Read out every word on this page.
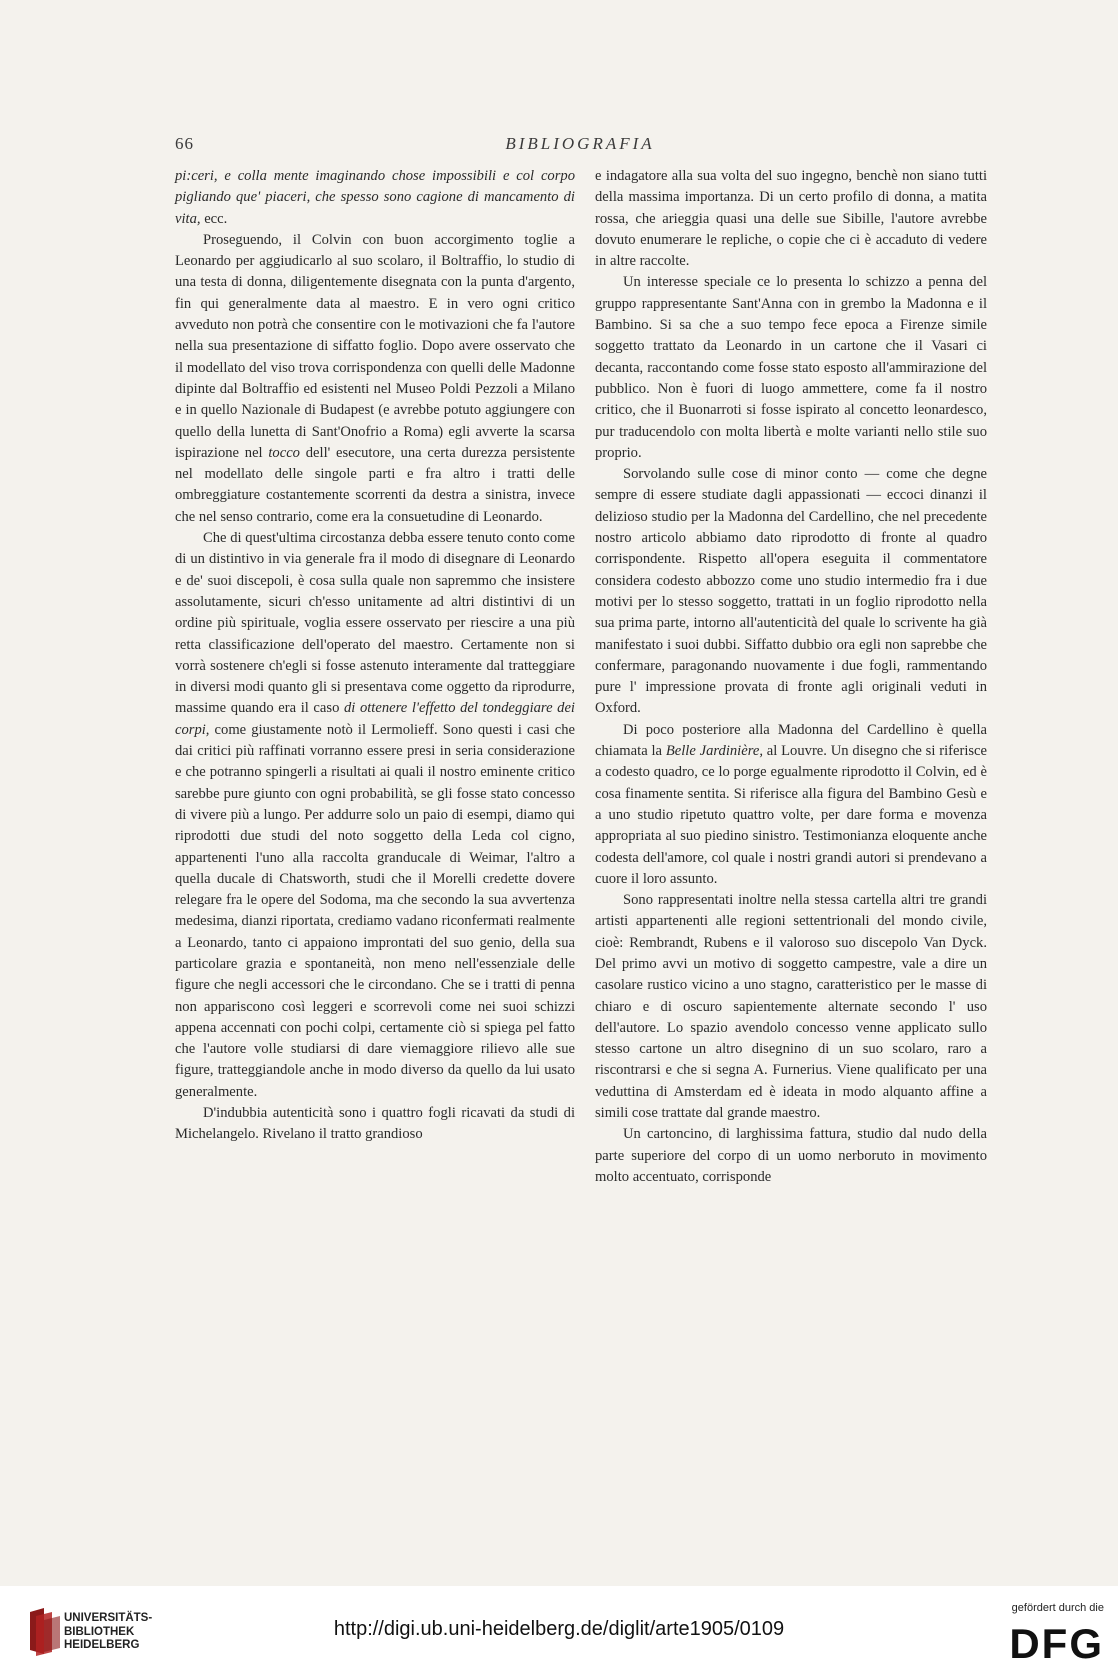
66	BIBLIOGRAFIA

pi:ceri, e colla mente imaginando chose impossibili e col corpo pigliando que' piaceri, che spesso sono cagione di mancamento di vita, ecc.

Proseguendo, il Colvin con buon accorgimento toglie a Leonardo per aggiudicarlo al suo scolaro, il Boltraffio, lo studio di una testa di donna, diligentemente disegnata con la punta d'argento, fin qui generalmente data al maestro. E in vero ogni critico avveduto non potrà che consentire con le motivazioni che fa l'autore nella sua presentazione di siffatto foglio. Dopo avere osservato che il modellato del viso trova corrispondenza con quelli delle Madonne dipinte dal Boltraffio ed esistenti nel Museo Poldi Pezzoli a Milano e in quello Nazionale di Budapest (e avrebbe potuto aggiungere con quello della lunetta di Sant'Onofrio a Roma) egli avverte la scarsa ispirazione nel tocco dell' esecutore, una certa durezza persistente nel modellato delle singole parti e fra altro i tratti delle ombreggiature costantemente scorrenti da destra a sinistra, invece che nel senso contrario, come era la consuetudine di Leonardo.

Che di quest'ultima circostanza debba essere tenuto conto come di un distintivo in via generale fra il modo di disegnare di Leonardo e de' suoi discepoli, è cosa sulla quale non sapremmo che insistere assolutamente, sicuri ch'esso unitamente ad altri distintivi di un ordine più spirituale, voglia essere osservato per riescire a una più retta classificazione dell'operato del maestro. Certamente non si vorrà sostenere ch'egli si fosse astenuto interamente dal tratteggiare in diversi modi quanto gli si presentava come oggetto da riprodurre, massime quando era il caso di ottenere l'effetto del tondeggiare dei corpi, come giustamente notò il Lermolieff. Sono questi i casi che dai critici più raffinati vorranno essere presi in seria considerazione e che potranno spingerli a risultati ai quali il nostro eminente critico sarebbe pure giunto con ogni probabilità, se gli fosse stato concesso di vivere più a lungo. Per addurre solo un paio di esempi, diamo qui riprodotti due studi del noto soggetto della Leda col cigno, appartenenti l'uno alla raccolta granducale di Weimar, l'altro a quella ducale di Chatsworth, studi che il Morelli credette dovere relegare fra le opere del Sodoma, ma che secondo la sua avvertenza medesima, dianzi riportata, crediamo vadano riconfermati realmente a Leonardo, tanto ci appaiono improntati del suo genio, della sua particolare grazia e spontaneità, non meno nell'essenziale delle figure che negli accessori che le circondano. Che se i tratti di penna non appariscono così leggeri e scorrevoli come nei suoi schizzi appena accennati con pochi colpi, certamente ciò si spiega pel fatto che l'autore volle studiarsi di dare viemaggiore rilievo alle sue figure, tratteggiandole anche in modo diverso da quello da lui usato generalmente.

D'indubbia autenticità sono i quattro fogli ricavati da studi di Michelangelo. Rivelano il tratto grandioso

e indagatore alla sua volta del suo ingegno, benchè non siano tutti della massima importanza. Di un certo profilo di donna, a matita rossa, che arieggia quasi una delle sue Sibille, l'autore avrebbe dovuto enumerare le repliche, o copie che ci è accaduto di vedere in altre raccolte.

Un interesse speciale ce lo presenta lo schizzo a penna del gruppo rappresentante Sant'Anna con in grembo la Madonna e il Bambino. Si sa che a suo tempo fece epoca a Firenze simile soggetto trattato da Leonardo in un cartone che il Vasari ci decanta, raccontando come fosse stato esposto all'ammirazione del pubblico. Non è fuori di luogo ammettere, come fa il nostro critico, che il Buonarroti si fosse ispirato al concetto leonardesco, pur traducendolo con molta libertà e molte varianti nello stile suo proprio.

Sorvolando sulle cose di minor conto — come che degne sempre di essere studiate dagli appassionati — eccoci dinanzi il delizioso studio per la Madonna del Cardellino, che nel precedente nostro articolo abbiamo dato riprodotto di fronte al quadro corrispondente. Rispetto all'opera eseguita il commentatore considera codesto abbozzo come uno studio intermedio fra i due motivi per lo stesso soggetto, trattati in un foglio riprodotto nella sua prima parte, intorno all'autenticità del quale lo scrivente ha già manifestato i suoi dubbi. Siffatto dubbio ora egli non saprebbe che confermare, paragonando nuovamente i due fogli, rammentando pure l' impressione provata di fronte agli originali veduti in Oxford.

Di poco posteriore alla Madonna del Cardellino è quella chiamata la Belle Jardinière, al Louvre. Un disegno che si riferisce a codesto quadro, ce lo porge egualmente riprodotto il Colvin, ed è cosa finamente sentita. Si riferisce alla figura del Bambino Gesù e a uno studio ripetuto quattro volte, per dare forma e movenza appropriata al suo piedino sinistro. Testimonianza eloquente anche codesta dell'amore, col quale i nostri grandi autori si prendevano a cuore il loro assunto.

Sono rappresentati inoltre nella stessa cartella altri tre grandi artisti appartenenti alle regioni settentrionali del mondo civile, cioè: Rembrandt, Rubens e il valoroso suo discepolo Van Dyck. Del primo avvi un motivo di soggetto campestre, vale a dire un casolare rustico vicino a uno stagno, caratteristico per le masse di chiaro e di oscuro sapientemente alternate secondo l' uso dell'autore. Lo spazio avendolo concesso venne applicato sullo stesso cartone un altro disegnino di un suo scolaro, raro a riscontrarsi e che si segna A. Furnerius. Viene qualificato per una veduttina di Amsterdam ed è ideata in modo alquanto affine a simili cose trattate dal grande maestro.

Un cartoncino, di larghissima fattura, studio dal nudo della parte superiore del corpo di un uomo nerboruto in movimento molto accentuato, corrisponde

UNIVERSITÄTS-
BIBLIOTHEK
HEIDELBERG
http://digi.ub.uni-heidelberg.de/diglit/arte1905/0109
gefördert durch die
DFG
